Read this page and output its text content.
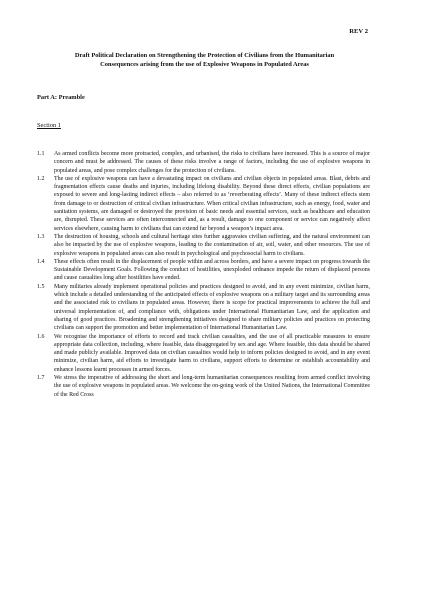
REV 2
Draft Political Declaration on Strengthening the Protection of Civilians from the Humanitarian
Consequences arising from the use of Explosive Weapons in Populated Areas
Part A: Preamble
Section 1
1.1	As armed conflicts become more protracted, complex, and urbanised, the risks to civilians have increased. This is a source of major concern and must be addressed. The causes of these risks involve a range of factors, including the use of explosive weapons in populated areas, and pose complex challenges for the protection of civilians.
1.2	The use of explosive weapons can have a devastating impact on civilians and civilian objects in populated areas. Blast, debris and fragmentation effects cause deaths and injuries, including lifelong disability. Beyond these direct effects, civilian populations are exposed to severe and long-lasting indirect effects – also referred to as ‘reverberating effects’. Many of these indirect effects stem from damage to or destruction of critical civilian infrastructure. When critical civilian infrastructure, such as energy, food, water and sanitation systems, are damaged or destroyed the provision of basic needs and essential services, such as healthcare and education are, disrupted. These services are often interconnected and, as a result, damage to one component or service can negatively affect services elsewhere, causing harm to civilians that can extend far beyond a weapon’s impact area.
1.3	The destruction of housing, schools and cultural heritage sites further aggravates civilian suffering, and the natural environment can also be impacted by the use of explosive weapons, leading to the contamination of air, soil, water, and other resources. The use of explosive weapons in populated areas can also result in psychological and psychosocial harm to civilians.
1.4	These effects often result in the displacement of people within and across borders, and have a severe impact on progress towards the Sustainable Development Goals. Following the conduct of hostilities, unexploded ordnance impede the return of displaced persons and cause casualties long after hostilities have ended.
1.5	Many militaries already implement operational policies and practices designed to avoid, and in any event minimize, civilian harm, which include a detailed understanding of the anticipated effects of explosive weapons on a military target and its surrounding areas and the associated risk to civilians in populated areas. However, there is scope for practical improvements to achieve the full and universal implementation of, and compliance with, obligations under International Humanitarian Law, and the application and sharing of good practices. Broadening and strengthening initiatives designed to share military policies and practices on protecting civilians can support the promotion and better implementation of International Humanitarian Law.
1.6	We recognise the importance of efforts to record and track civilian casualties, and the use of all practicable measures to ensure appropriate data collection, including, where feasible, data disaggregated by sex and age. Where feasible, this data should be shared and made publicly available. Improved data on civilian casualties would help to inform policies designed to avoid, and in any event minimize, civilian harm, aid efforts to investigate harm to civilians, support efforts to determine or establish accountability and enhance lessons learnt processes in armed forces.
1.7	We stress the imperative of addressing the short and long-term humanitarian consequences resulting from armed conflict involving the use of explosive weapons in populated areas. We welcome the on-going work of the United Nations, the International Committee of the Red Cross
